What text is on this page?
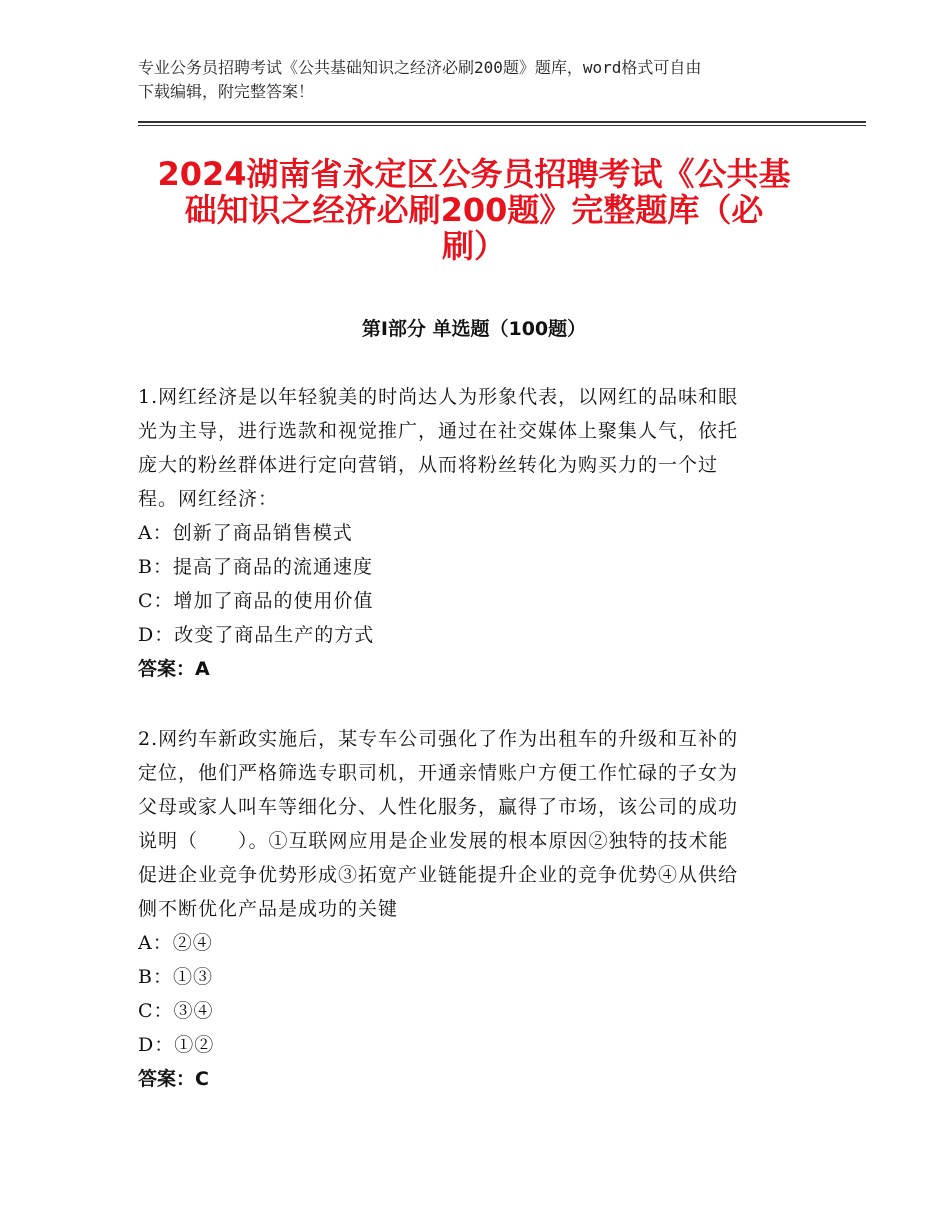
专业公务员招聘考试《公共基础知识之经济必刷200题》题库，word格式可自由
下载编辑，附完整答案！
2024湖南省永定区公务员招聘考试《公共基
础知识之经济必刷200题》完整题库（必
刷）
第Ⅰ部分 单选题（100题）

1.网红经济是以年轻貌美的时尚达人为形象代表，以网红的品味和眼

光为主导，进行选款和视觉推广，通过在社交媒体上聚集人气，依托

庞大的粉丝群体进行定向营销，从而将粉丝转化为购买力的一个过

程。网红经济：

A：创新了商品销售模式

B：提高了商品的流通速度

C：增加了商品的使用价值

D：改变了商品生产的方式

答案：A

2.网约车新政实施后，某专车公司强化了作为出租车的升级和互补的

定位，他们严格筛选专职司机，开通亲情账户方便工作忙碌的子女为

父母或家人叫车等细化分、人性化服务，赢得了市场，该公司的成功

说明（　　）。①互联网应用是企业发展的根本原因②独特的技术能

促进企业竞争优势形成③拓宽产业链能提升企业的竞争优势④从供给

侧不断优化产品是成功的关键

A：②④

B：①③

C：③④

D：①②

答案：C
